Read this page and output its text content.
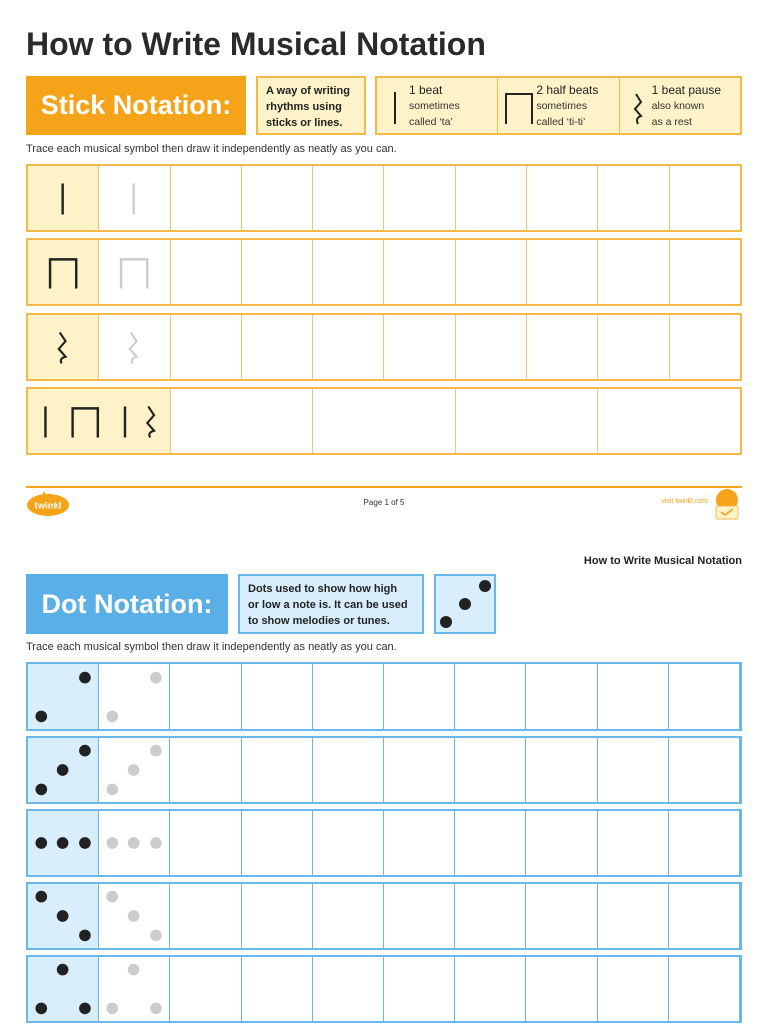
How to Write Musical Notation
Stick Notation:	A way of writing
rhythms using
sticks or lines.
1 beat
sometimes
called ‘ta’
2 half beats
sometimes
called ‘ti-ti’
1 beat pause
also known
as a rest
Trace each musical symbol then draw it independently as neatly as you can.
twinkl	Page 1 of 5	visit twinkl.com
How to Write Musical Notation
Dot Notation:	Dots used to show how high
or low a note is. It can be used
to show melodies or tunes.
Trace each musical symbol then draw it independently as neatly as you can.
